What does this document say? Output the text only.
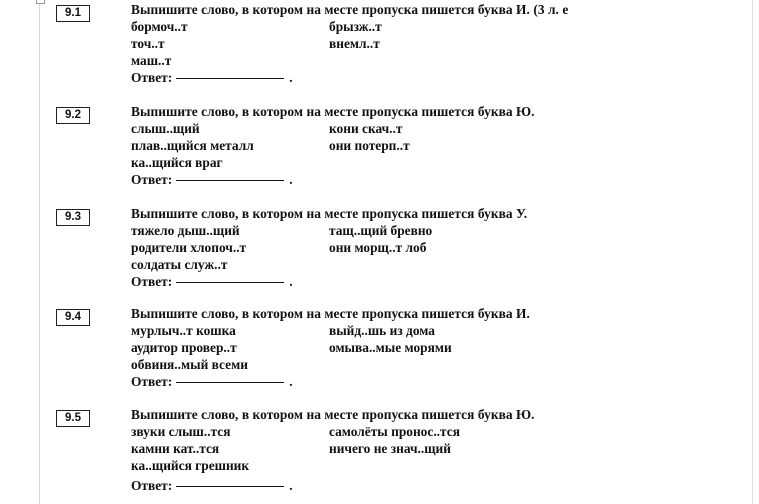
9.1	Выпишите слово, в котором на месте пропуска пишется буква И. (3 л. е
бормоч..т	брызж..т
точ..т	внемл..т
маш..т
Ответ:	.
9.2	Выпишите слово, в котором на месте пропуска пишется буква Ю.
слыш..щий	кони скач..т
плав..щийся металл	они потерп..т
ка..щийся враг
Ответ:	.
9.3	Выпишите слово, в котором на месте пропуска пишется буква У.
тяжело дыш..щий	тащ..щий бревно
родители хлопоч..т	они морщ..т лоб
солдаты служ..т
Ответ:	.
9.4	Выпишите слово, в котором на месте пропуска пишется буква И.
мурлыч..т кошка	выйд..шь из дома
аудитор провер..т	омыва..мые морями
обвиня..мый всеми
Ответ:	.
9.5	Выпишите слово, в котором на месте пропуска пишется буква Ю.
звуки слыш..тся	самолёты пронос..тся
камни кат..тся	ничего не знач..щий
ка..щийся грешник
Ответ:	.
